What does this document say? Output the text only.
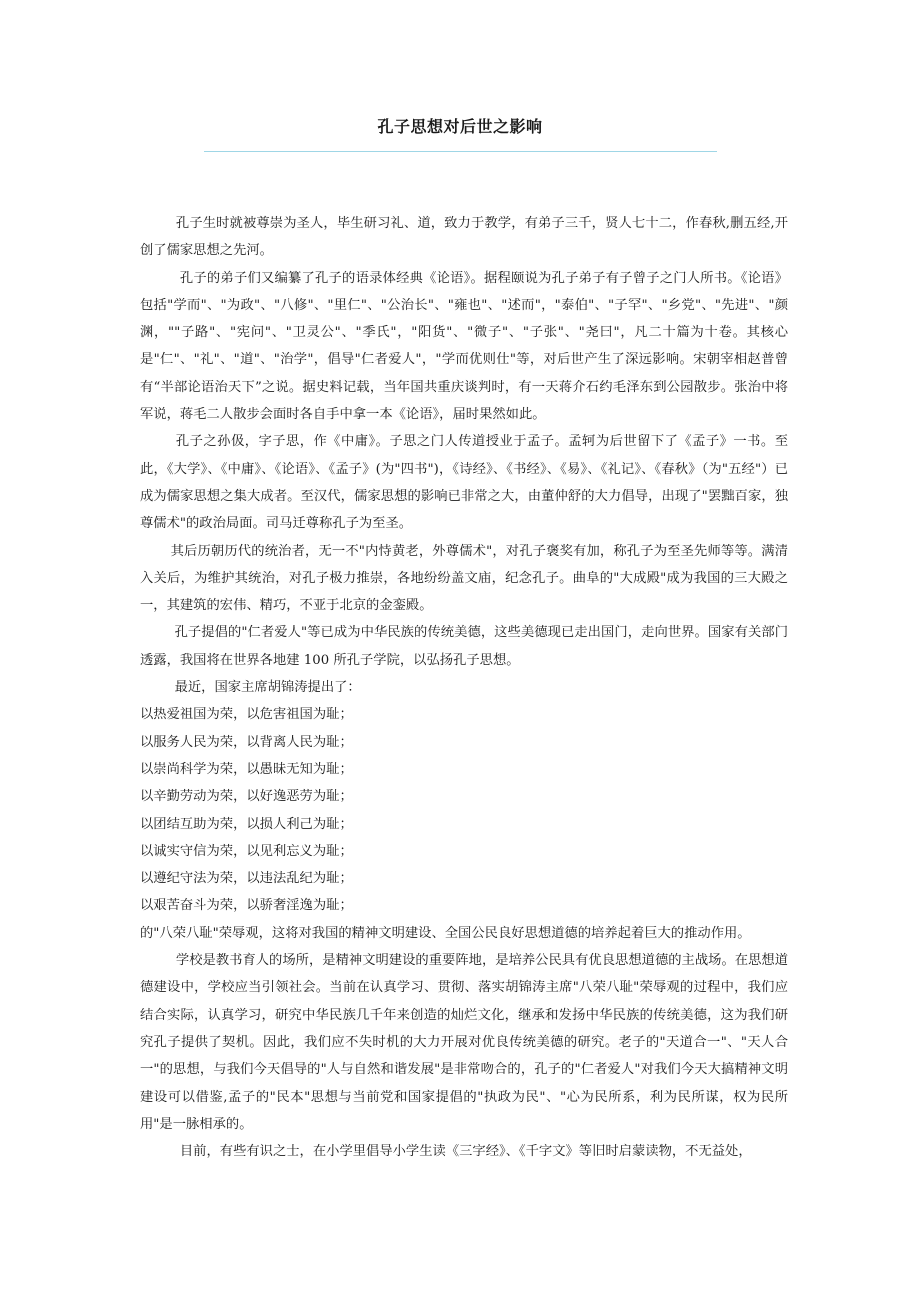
孔子思想对后世之影响

孔子生时就被尊崇为圣人，毕生研习礼、道，致力于教学，有弟子三千，贤人七十二，作春秋,删五经,开创了儒家思想之先河。

孔子的弟子们又编纂了孔子的语录体经典《论语》。据程颐说为孔子弟子有子曾子之门人所书。《论语》包括"学而"、"为政"、"八修"、"里仁"、"公治长"、"雍也"、"述而"，"泰伯"、"子罕"、"乡党"、"先进"、"颜渊，""子路"、"宪问"、"卫灵公"、"季氏"，"阳货"、"微子"、"子张"、"尧曰"，凡二十篇为十卷。其核心是"仁"、"礼"、"道"、"治学"，倡导"仁者爱人"，"学而优则仕"等，对后世产生了深远影响。宋朝宰相赵普曾有“半部论语治天下”之说。据史料记载，当年国共重庆谈判时，有一天蒋介石约毛泽东到公园散步。张治中将军说，蒋毛二人散步会面时各自手中拿一本《论语》，届时果然如此。

孔子之孙伋，字子思，作《中庸》。子思之门人传道授业于孟子。孟轲为后世留下了《孟子》一书。至此，《大学》、《中庸》、《论语》、《孟子》(为"四书")，《诗经》、《书经》、《易》、《礼记》、《春秋》（为"五经"）已成为儒家思想之集大成者。至汉代，儒家思想的影响已非常之大，由董仲舒的大力倡导，出现了"罢黜百家，独尊儒术"的政治局面。司马迁尊称孔子为至圣。

其后历朝历代的统治者，无一不"内恃黄老，外尊儒术"，对孔子褒奖有加，称孔子为至圣先师等等。满清入关后，为维护其统治，对孔子极力推崇，各地纷纷盖文庙，纪念孔子。曲阜的"大成殿"成为我国的三大殿之一，其建筑的宏伟、精巧，不亚于北京的金銮殿。

孔子提倡的"仁者爱人"等已成为中华民族的传统美德，这些美德现已走出国门，走向世界。国家有关部门透露，我国将在世界各地建 100 所孔子学院，以弘扬孔子思想。

最近，国家主席胡锦涛提出了：

以热爱祖国为荣，以危害祖国为耻；

以服务人民为荣，以背离人民为耻；

以崇尚科学为荣，以愚昧无知为耻；

以辛勤劳动为荣，以好逸恶劳为耻；

以团结互助为荣，以损人利己为耻；

以诚实守信为荣，以见利忘义为耻；

以遵纪守法为荣，以违法乱纪为耻；

以艰苦奋斗为荣，以骄奢淫逸为耻；

的"八荣八耻"荣辱观，这将对我国的精神文明建设、全国公民良好思想道德的培养起着巨大的推动作用。

学校是教书育人的场所，是精神文明建设的重要阵地，是培养公民具有优良思想道德的主战场。在思想道德建设中，学校应当引领社会。当前在认真学习、贯彻、落实胡锦涛主席"八荣八耻"荣辱观的过程中，我们应结合实际，认真学习，研究中华民族几千年来创造的灿烂文化，继承和发扬中华民族的传统美德，这为我们研究孔子提供了契机。因此，我们应不失时机的大力开展对优良传统美德的研究。老子的"天道合一"、"天人合一"的思想，与我们今天倡导的"人与自然和谐发展"是非常吻合的，孔子的"仁者爱人"对我们今天大搞精神文明建设可以借鉴,孟子的"民本"思想与当前党和国家提倡的"执政为民"、"心为民所系，利为民所谋，权为民所用"是一脉相承的。

目前，有些有识之士，在小学里倡导小学生读《三字经》、《千字文》等旧时启蒙读物，不无益处，
